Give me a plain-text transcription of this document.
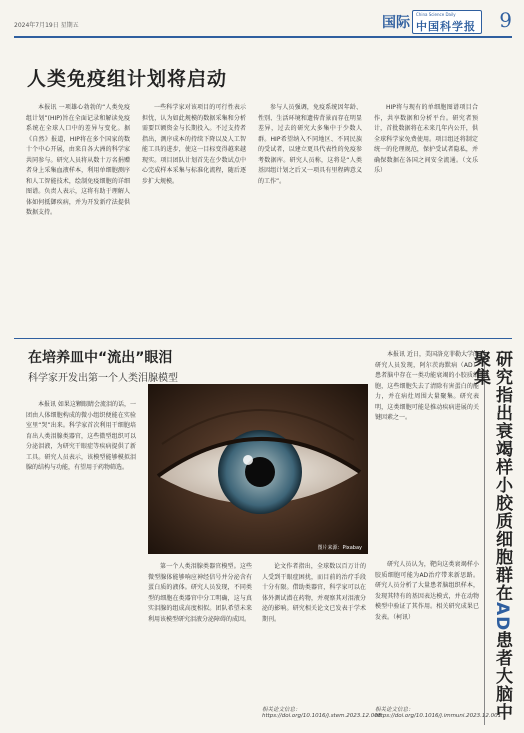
2024年7月19日 星期五	国际
China Science Daily
中国科学报 9
人类免疫组计划将启动

本报讯 一项雄心勃勃的“人类免疫组计划”(HIP)旨在全面记录和解读免疫系统在全球人口中的差异与变化。据《自然》报道，HIP将在多个国家的数十个中心开展，由来自各大洲的科学家共同参与。研究人员将从数十万名捐赠者身上采集血液样本，利用单细胞测序和人工智能技术，绘制免疫细胞的详细图谱。负责人表示，这将有助于理解人体如何抵御疾病，并为开发新疗法提供数据支持。

一些科学家对该项目的可行性表示担忧，认为如此规模的数据采集和分析需要巨额资金与长期投入。不过支持者指出，测序成本的持续下降以及人工智能工具的进步，使这一目标变得越来越现实。项目团队计划首先在少数试点中心完成样本采集与标准化流程，随后逐步扩大规模。

参与人员强调，免疫系统因年龄、性别、生活环境和遗传背景而存在明显差异，过去的研究大多集中于少数人群。HIP希望纳入不同地区、不同民族的受试者，以建立更具代表性的免疫参考数据库。研究人员称，这将是“人类基因组计划之后又一项具有里程碑意义的工作”。

HIP将与现有的单细胞图谱项目合作，共享数据和分析平台。研究者预计，首批数据将在未来几年内公开，供全球科学家免费使用。项目组还将制定统一的伦理规范，保护受试者隐私，并确保数据在各国之间安全流通。（文乐乐）

在培养皿中“流出”眼泪
科学家开发出第一个人类泪腺模型

本报讯 如果这颗眼睛会流泪的话，一团由人体细胞构成的微小组织便能在实验室里“哭”出来。科学家首次利用干细胞培育出人类泪腺类器官，这些微型组织可以分泌泪液，为研究干眼症等疾病提供了新工具。研究人员表示，该模型能够模拟泪腺的结构与功能，有望用于药物筛选。

图片来源：Pixabay

第一个人类泪腺类器官模型。这些微型腺体能够响应神经信号并分泌含有蛋白质的液体。研究人员发现，不同类型的细胞在类器官中分工明确，这与真实泪腺的组成高度相似。团队希望未来利用该模型研究泪液分泌障碍的成因。

论文作者指出，全球数以百万计的人受到干眼症困扰，而目前的治疗手段十分有限。借助类器官，科学家可以在体外测试潜在药物，并观察其对泪液分泌的影响。研究相关论文已发表于学术期刊。

相关论文信息：https://doi.org/10.1016/j.stem.2023.12.008

本报讯 近日，美国洛克菲勒大学的研究人员发现，阿尔茨海默病（AD）患者脑中存在一类功能衰竭的小胶质细胞，这些细胞失去了清除有害蛋白的能力，并在病灶周围大量聚集。研究表明，这类细胞可能是推动疾病进展的关键因素之一。

研究人员认为，靶向这类衰竭样小胶质细胞可能为AD治疗带来新思路。研究人员分析了大量患者脑组织样本，发现其特有的基因表达模式，并在动物模型中验证了其作用。相关研究成果已发表。（柯讯）

相关论文信息：https://doi.org/10.1016/j.immuni.2023.12.001
研究指出衰竭样小胶质细胞群在AD患者大脑中聚集
